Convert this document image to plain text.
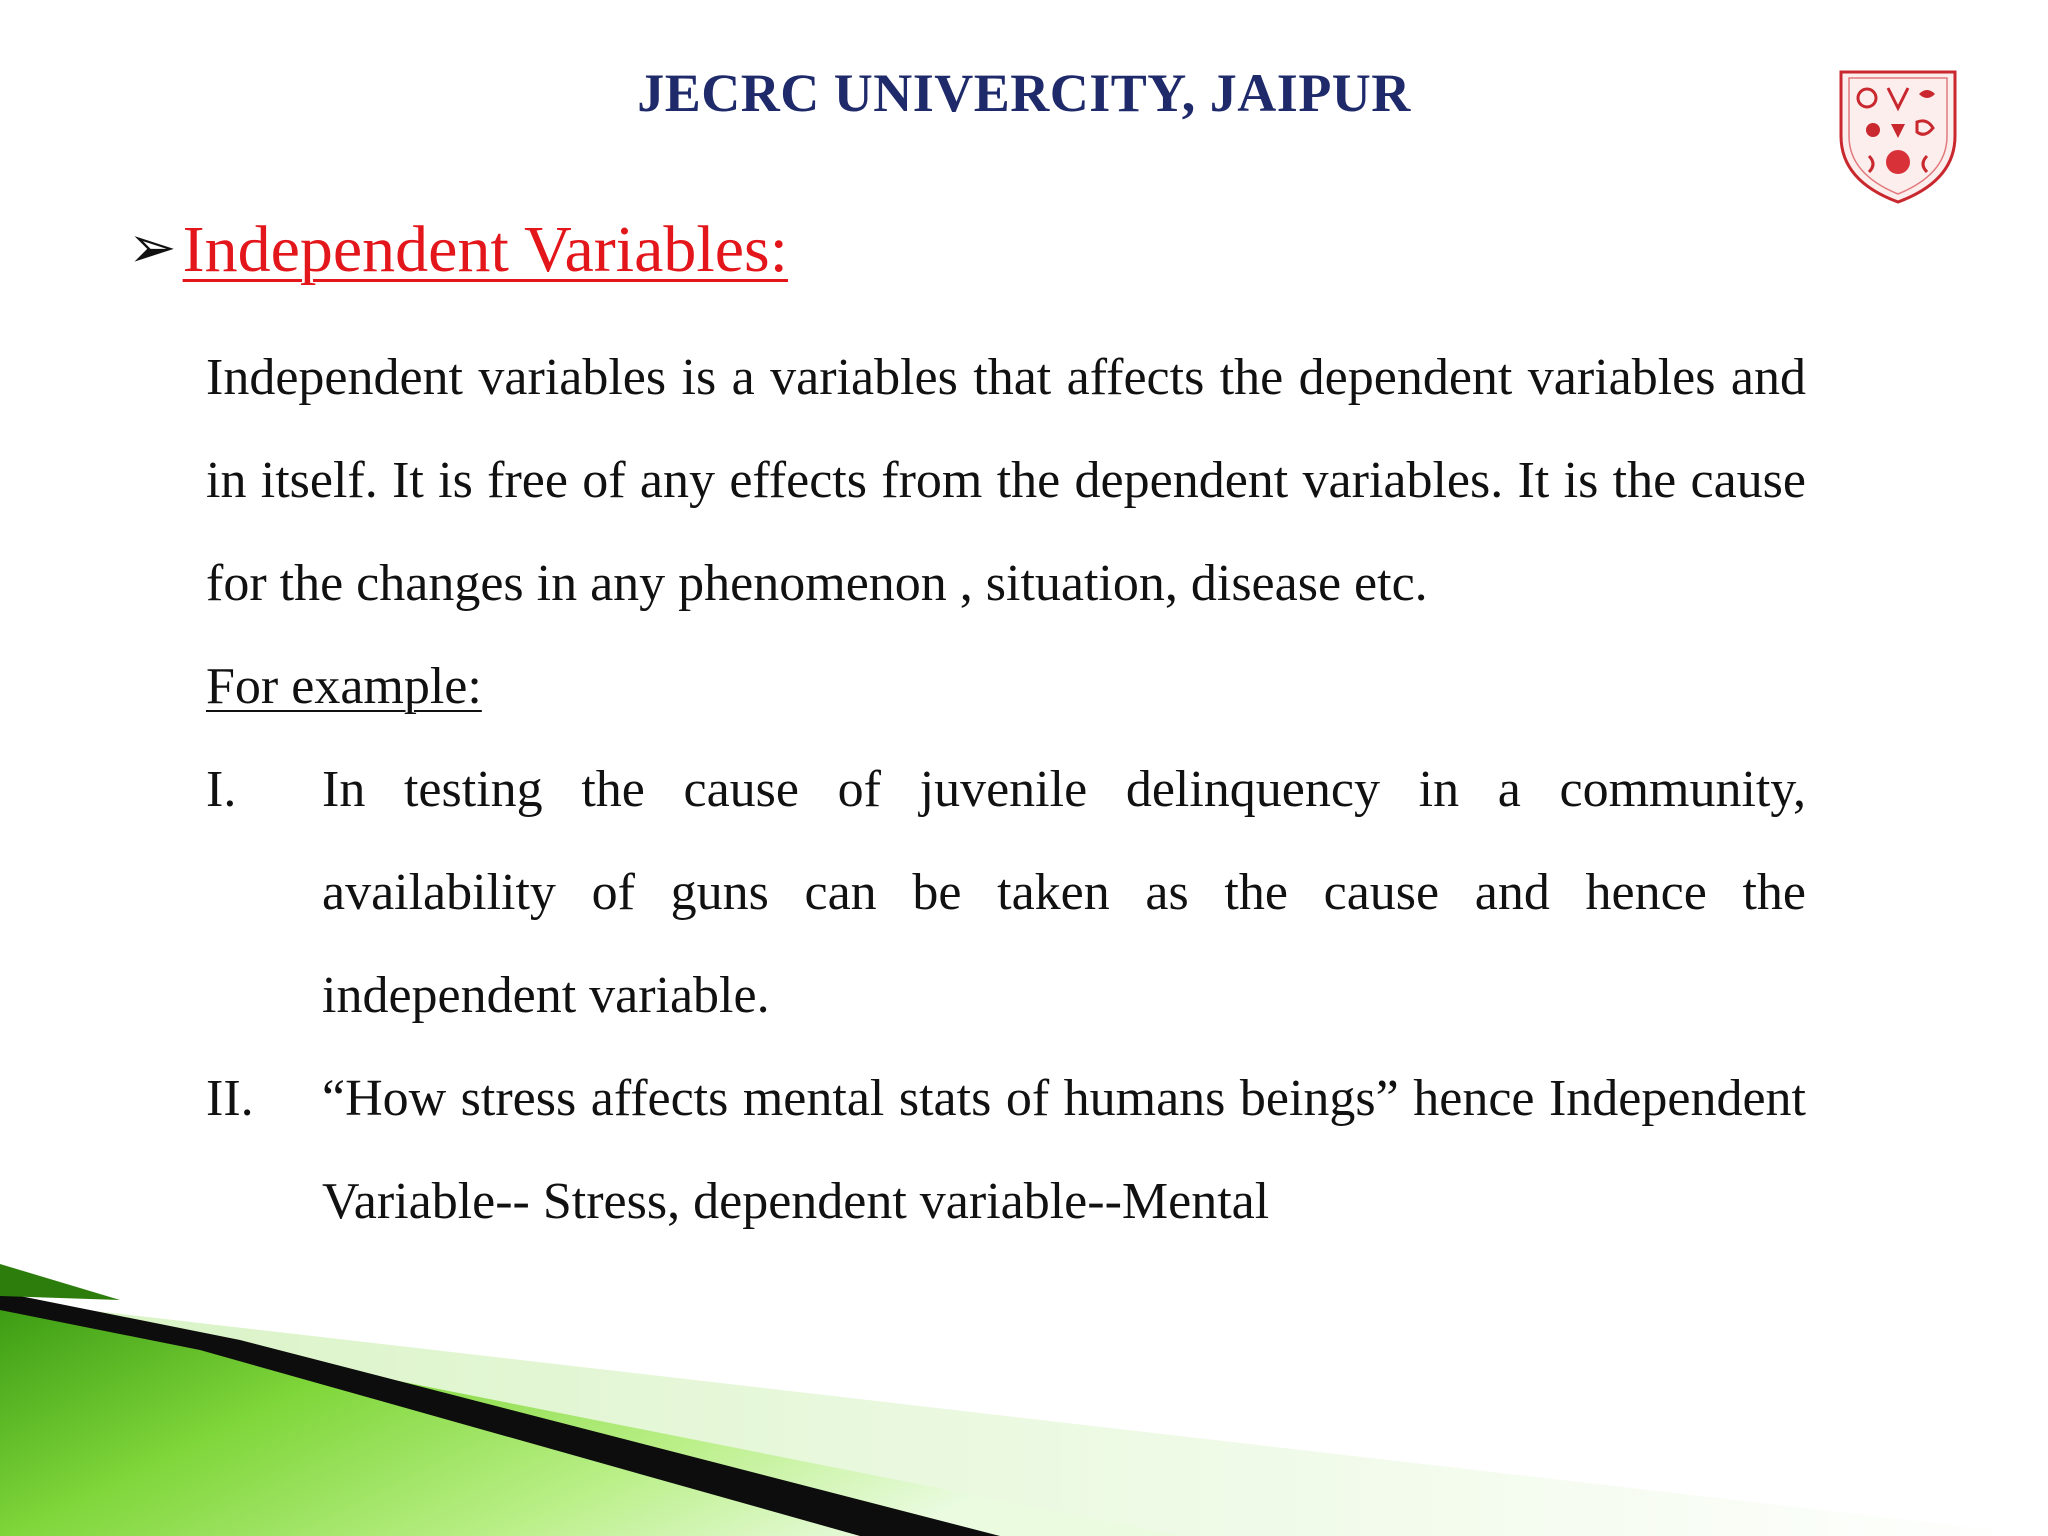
JECRC UNIVERCITY, JAIPUR
➢Independent Variables:

Independent variables is a variables that affects the dependent variables and in itself. It is free of any effects from the dependent variables. It is the cause for the changes in any phenomenon , situation, disease etc.

For example:

I.	In testing the cause of juvenile delinquency in a community, availability of guns can be taken as the cause and hence the independent variable.
II.	“How stress affects mental stats of humans beings” hence Independent Variable-- Stress, dependent variable--Mental
